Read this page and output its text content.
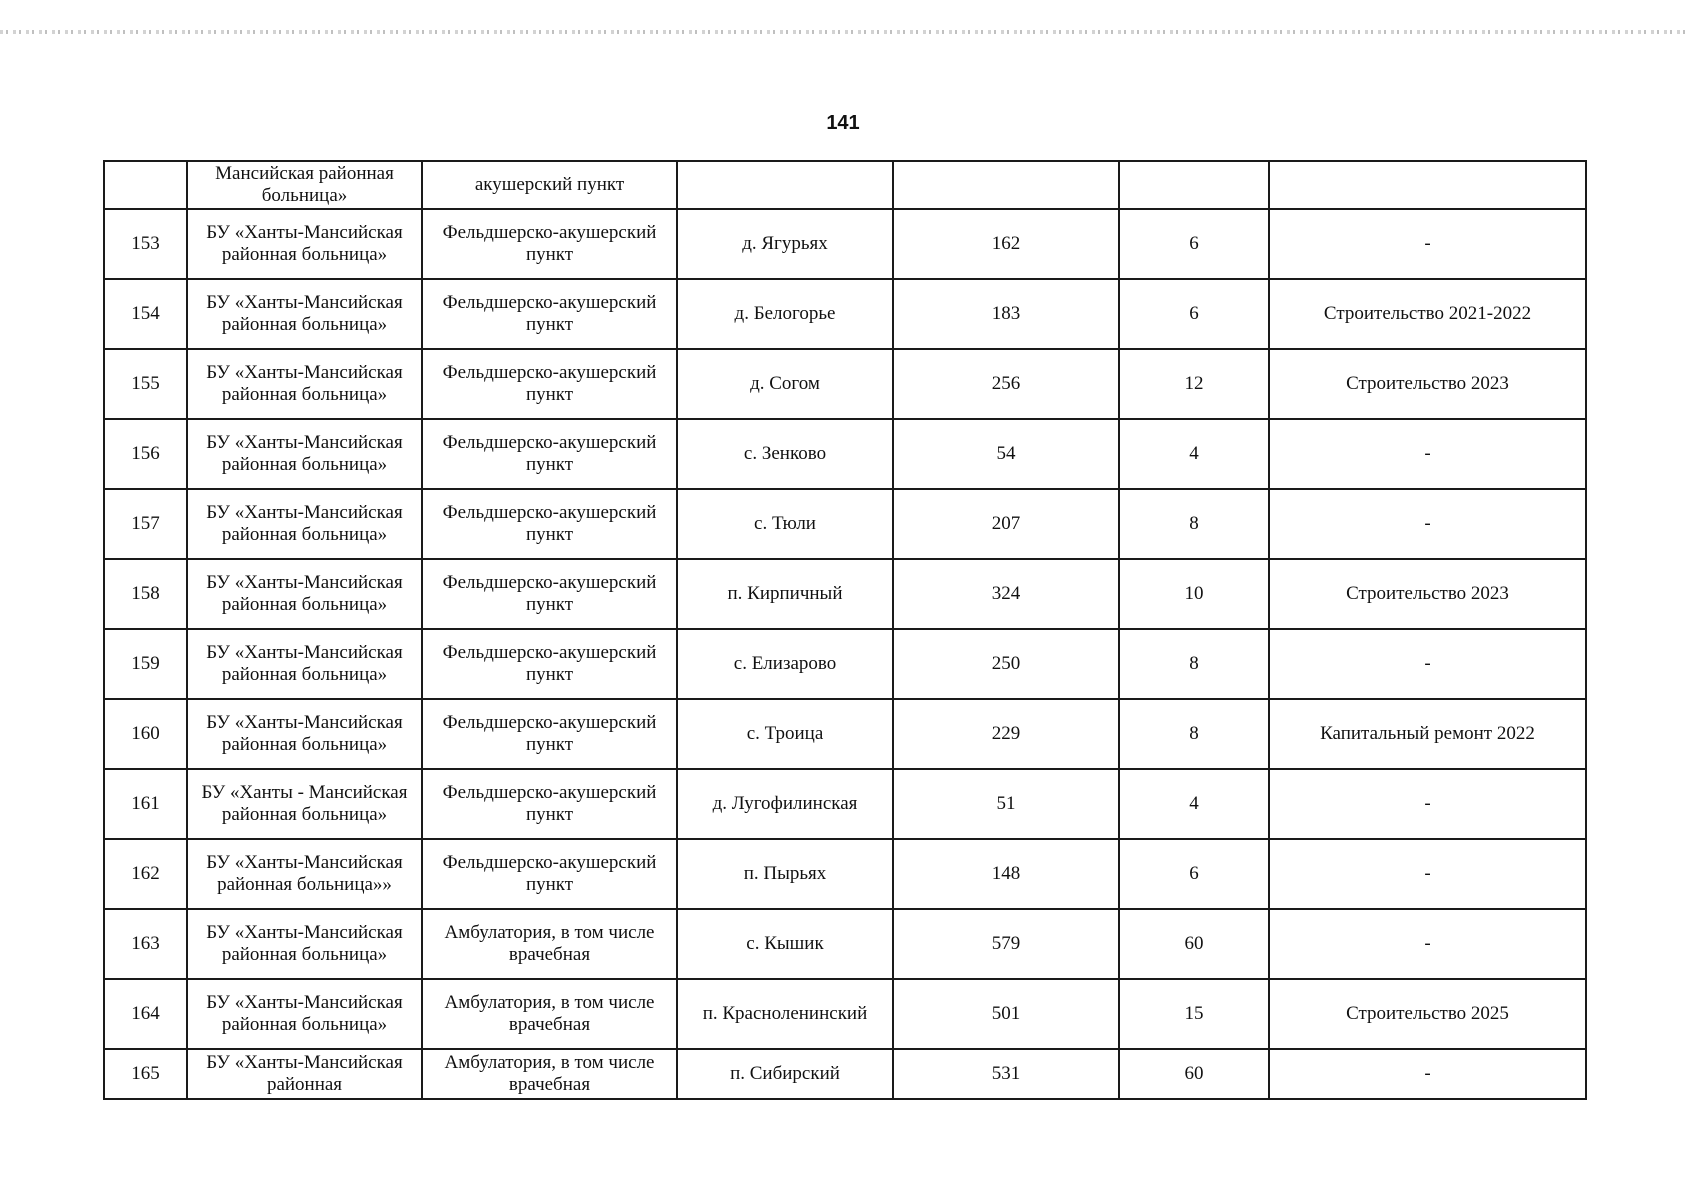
141
	Мансийская районная больница»	акушерский пункт				
153	БУ «Ханты-Мансийская районная больница»	Фельдшерско-акушерский пункт	д. Ягурьях	162	6	-
154	БУ «Ханты-Мансийская районная больница»	Фельдшерско-акушерский пункт	д. Белогорье	183	6	Строительство 2021-2022
155	БУ «Ханты-Мансийская районная больница»	Фельдшерско-акушерский пункт	д. Согом	256	12	Строительство 2023
156	БУ «Ханты-Мансийская районная больница»	Фельдшерско-акушерский пункт	с. Зенково	54	4	-
157	БУ «Ханты-Мансийская районная больница»	Фельдшерско-акушерский пункт	с. Тюли	207	8	-
158	БУ «Ханты-Мансийская районная больница»	Фельдшерско-акушерский пункт	п. Кирпичный	324	10	Строительство 2023
159	БУ «Ханты-Мансийская районная больница»	Фельдшерско-акушерский пункт	с. Елизарово	250	8	-
160	БУ «Ханты-Мансийская районная больница»	Фельдшерско-акушерский пункт	с. Троица	229	8	Капитальный ремонт 2022
161	БУ «Ханты - Мансийская районная больница»	Фельдшерско-акушерский пункт	д. Лугофилинская	51	4	-
162	БУ «Ханты-Мансийская районная больница»»	Фельдшерско-акушерский пункт	п. Пырьях	148	6	-
163	БУ «Ханты-Мансийская районная больница»	Амбулатория, в том числе врачебная	с. Кышик	579	60	-
164	БУ «Ханты-Мансийская районная больница»	Амбулатория, в том числе врачебная	п. Красноленинский	501	15	Строительство 2025
165	БУ «Ханты-Мансийская районная	Амбулатория, в том числе врачебная	п. Сибирский	531	60	-
